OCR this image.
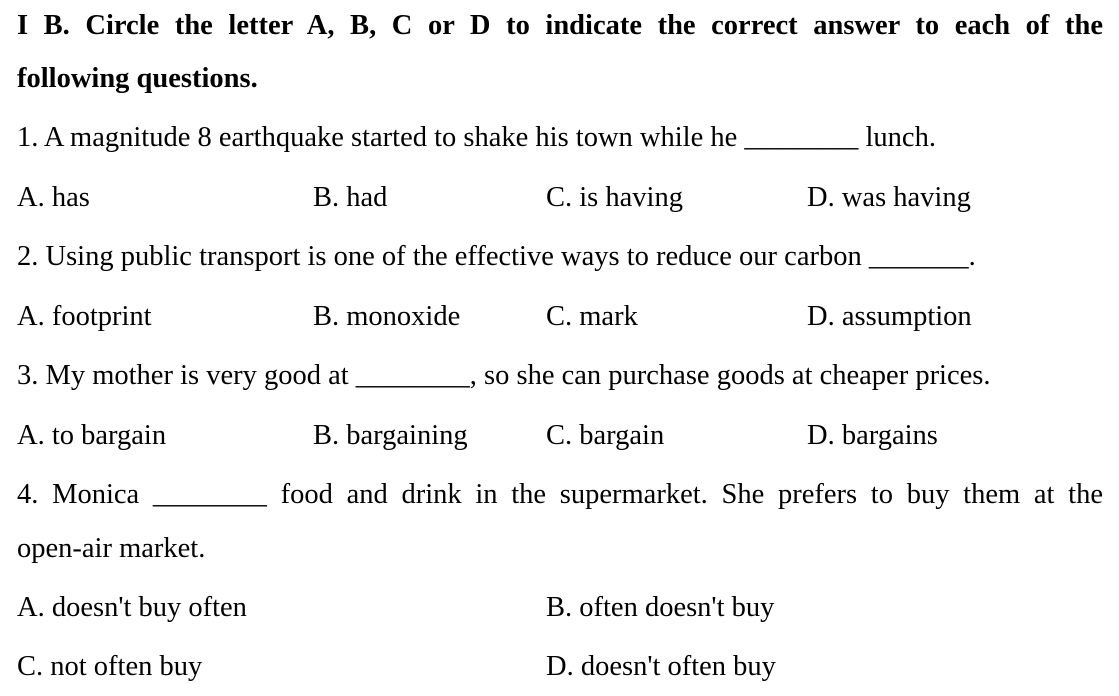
I B. Circle the letter A, B, C or D to indicate the correct answer to each of the
following questions.
1. A magnitude 8 earthquake started to shake his town while he ________ lunch.
A. has	B. had	C. is having	D. was having
2. Using public transport is one of the effective ways to reduce our carbon _______.
A. footprint	B. monoxide	C. mark	D. assumption
3. My mother is very good at ________, so she can purchase goods at cheaper prices.
A. to bargain	B. bargaining	C. bargain	D. bargains
4. Monica ________ food and drink in the supermarket. She prefers to buy them at the
open-air market.
A. doesn't buy often	B. often doesn't buy
C. not often buy	D. doesn't often buy
